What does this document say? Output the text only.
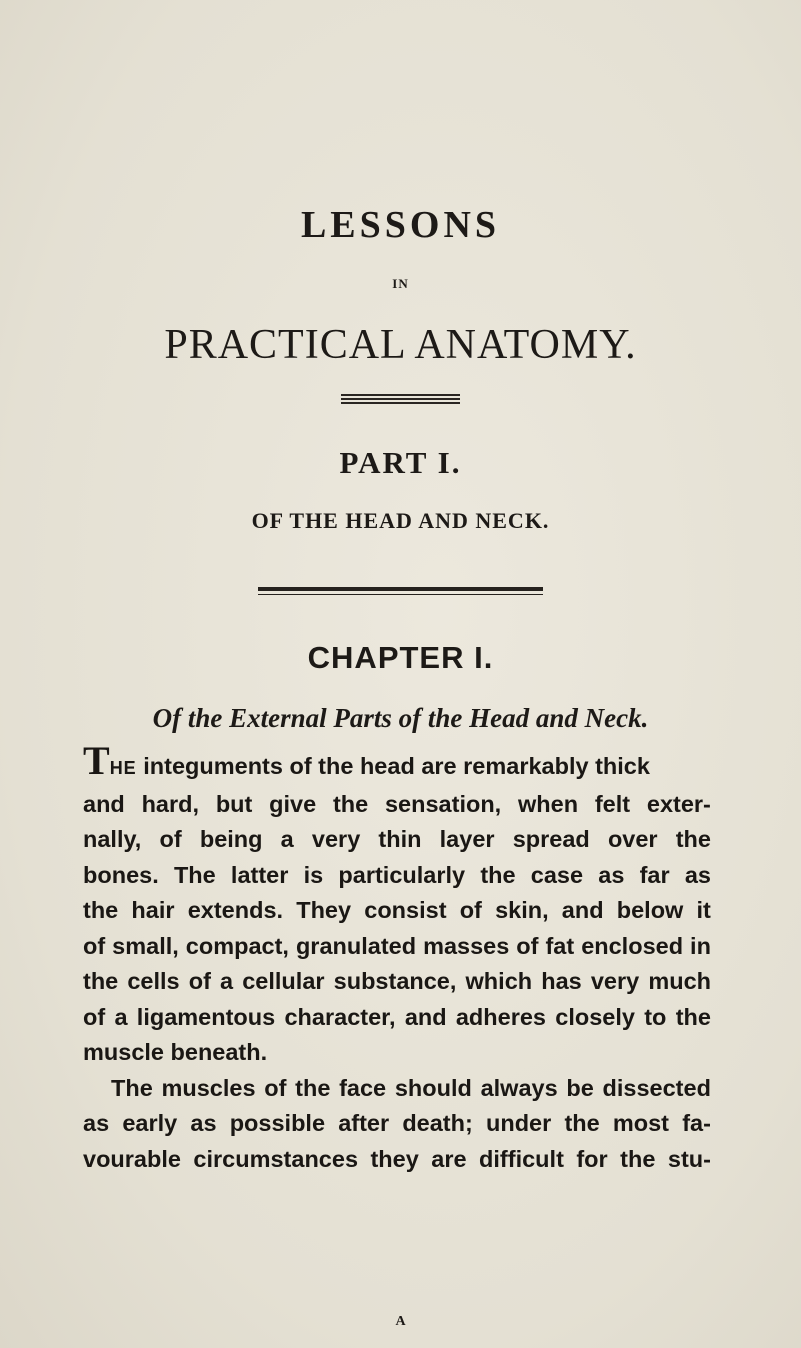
LESSONS
IN
PRACTICAL ANATOMY.
PART I.
OF THE HEAD AND NECK.
CHAPTER I.
Of the External Parts of the Head and Neck.
THE integuments of the head are remarkably thick
and hard, but give the sensation, when felt exter-
nally, of being a very thin layer spread over the
bones. The latter is particularly the case as far as
the hair extends. They consist of skin, and below it
of small, compact, granulated masses of fat enclosed in
the cells of a cellular substance, which has very much
of a ligamentous character, and adheres closely to the
muscle beneath.
The muscles of the face should always be dissected
as early as possible after death; under the most fa-
vourable circumstances they are difficult for the stu-
A
